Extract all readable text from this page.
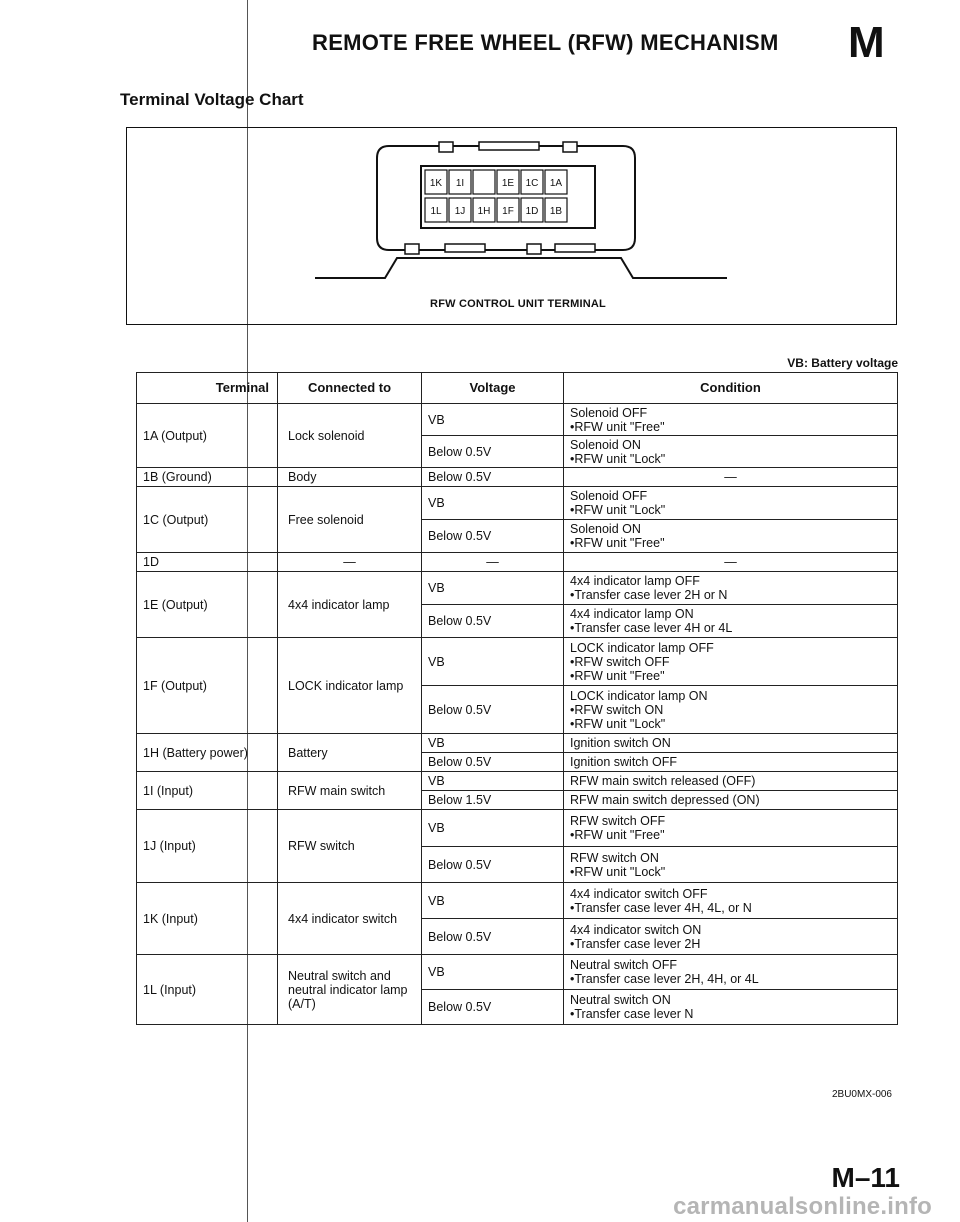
REMOTE FREE WHEEL (RFW) MECHANISM M
Terminal Voltage Chart
1K 1I	1E 1C 1A
1L 1J 1H 1F 1D 1B
RFW CONTROL UNIT TERMINAL
VB: Battery voltage
Terminal	Connected to	Voltage	Condition
1A (Output)	Lock solenoid	VB	Solenoid OFF
•RFW unit "Free"

		Below 0.5V	Solenoid ON
•RFW unit "Lock"

1B (Ground)	Body	Below 0.5V	—
1C (Output)	Free solenoid	VB	Solenoid OFF
•RFW unit "Lock"

		Below 0.5V	Solenoid ON
•RFW unit "Free"

1D	—	—	—
1E (Output)	4x4 indicator lamp	VB	4x4 indicator lamp OFF
•Transfer case lever 2H or N

		Below 0.5V	4x4 indicator lamp ON
•Transfer case lever 4H or 4L

1F (Output)	LOCK indicator lamp	VB	LOCK indicator lamp OFF
•RFW switch OFF
•RFW unit "Free"

		Below 0.5V	LOCK indicator lamp ON
•RFW switch ON
•RFW unit "Lock"

1H (Battery power)	Battery	VB	Ignition switch ON
		Below 0.5V	Ignition switch OFF
1I (Input)	RFW main switch	VB	RFW main switch released (OFF)
		Below 1.5V	RFW main switch depressed (ON)
1J (Input)	RFW switch	VB	RFW switch OFF
•RFW unit "Free"

		Below 0.5V	RFW switch ON
•RFW unit "Lock"

1K (Input)	4x4 indicator switch	VB	4x4 indicator switch OFF
•Transfer case lever 4H, 4L, or N

		Below 0.5V	4x4 indicator switch ON
•Transfer case lever 2H

1L (Input)	Neutral switch and neutral indicator lamp (A/T)	VB	Neutral switch OFF
•Transfer case lever 2H, 4H, or 4L

		Below 0.5V	Neutral switch ON
•Transfer case lever N
2BU0MX-006
M–11
carmanualsonline.info
